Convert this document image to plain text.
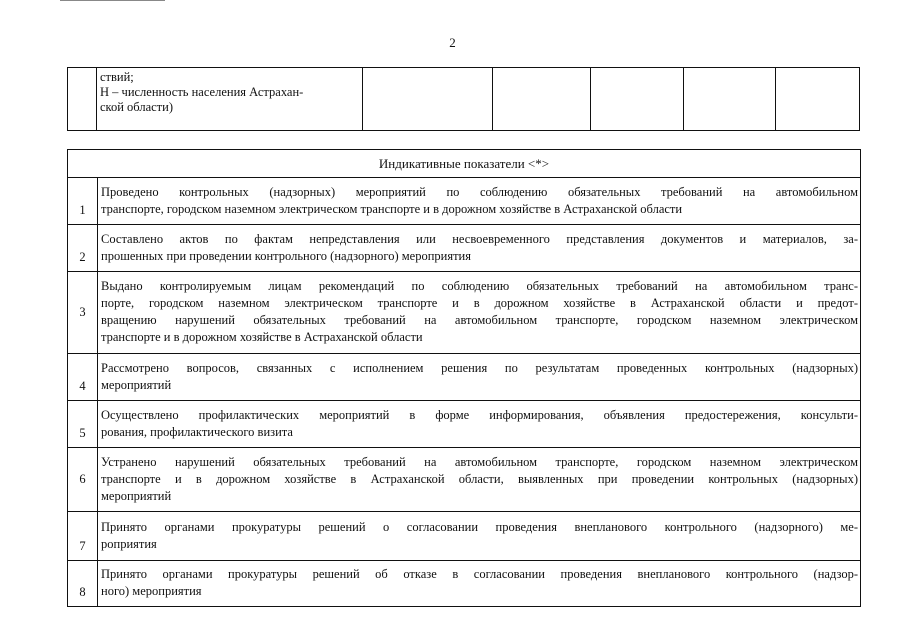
2

ствий;
Н – численность населения Астрахан-
ской области)

Индикативные показатели <*>	
1	Проведено контрольных (надзорных) мероприятий по соблюдению обязательных требований на автомобильном
транспорте, городском наземном электрическом транспорте и в дорожном хозяйстве в Астраханской области

2	Составлено актов по фактам непредставления или несвоевременного представления документов и материалов, за-
прошенных при проведении контрольного (надзорного) мероприятия

3	Выдано контролируемым лицам рекомендаций по соблюдению обязательных требований на автомобильном транс-
порте, городском наземном электрическом транспорте и в дорожном хозяйстве в Астраханской области и предот-
вращению нарушений обязательных требований на автомобильном транспорте, городском наземном электрическом
транспорте и в дорожном хозяйстве в Астраханской области

4	Рассмотрено вопросов, связанных с исполнением решения по результатам проведенных контрольных (надзорных)
мероприятий

5	Осуществлено профилактических мероприятий в форме информирования, объявления предостережения, консульти-
рования, профилактического визита

6	Устранено нарушений обязательных требований на автомобильном транспорте, городском наземном электрическом
транспорте и в дорожном хозяйстве в Астраханской области, выявленных при проведении контрольных (надзорных)
мероприятий

7	Принято органами прокуратуры решений о согласовании проведения внепланового контрольного (надзорного) ме-
роприятия

8	Принято органами прокуратуры решений об отказе в согласовании проведения внепланового контрольного (надзор-
ного) мероприятия
